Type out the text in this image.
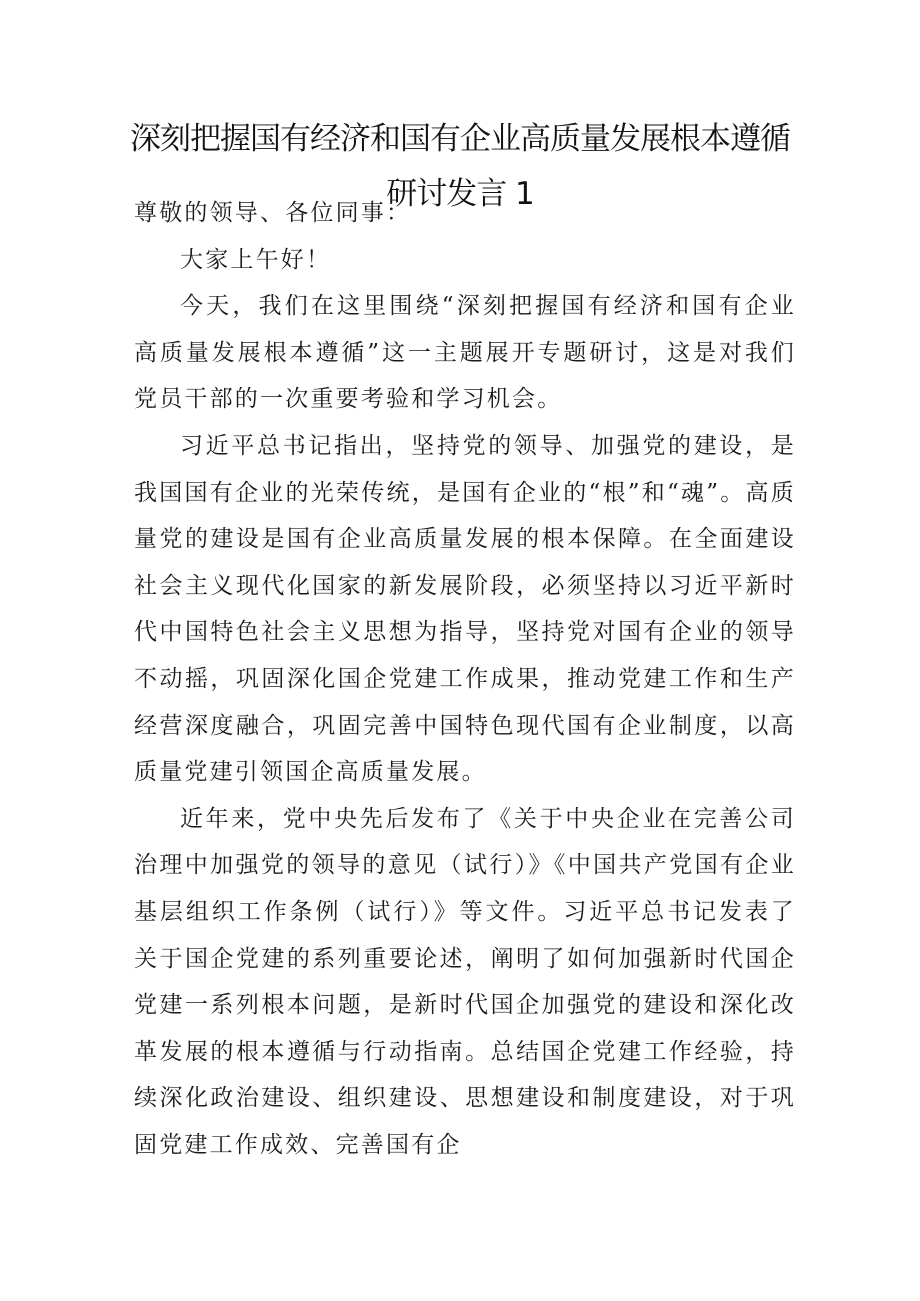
深刻把握国有经济和国有企业高质量发展根本遵循研讨发言 1

尊敬的领导、各位同事：

大家上午好！

今天，我们在这里围绕“深刻把握国有经济和国有企业高质量发展根本遵循”这一主题展开专题研讨，这是对我们党员干部的一次重要考验和学习机会。

习近平总书记指出，坚持党的领导、加强党的建设，是我国国有企业的光荣传统，是国有企业的“根”和“魂”。高质量党的建设是国有企业高质量发展的根本保障。在全面建设社会主义现代化国家的新发展阶段，必须坚持以习近平新时代中国特色社会主义思想为指导，坚持党对国有企业的领导不动摇，巩固深化国企党建工作成果，推动党建工作和生产经营深度融合，巩固完善中国特色现代国有企业制度，以高质量党建引领国企高质量发展。

近年来，党中央先后发布了《关于中央企业在完善公司治理中加强党的领导的意见（试行）》《中国共产党国有企业基层组织工作条例（试行）》等文件。习近平总书记发表了关于国企党建的系列重要论述，阐明了如何加强新时代国企党建一系列根本问题，是新时代国企加强党的建设和深化改革发展的根本遵循与行动指南。总结国企党建工作经验，持续深化政治建设、组织建设、思想建设和制度建设，对于巩固党建工作成效、完善国有企
